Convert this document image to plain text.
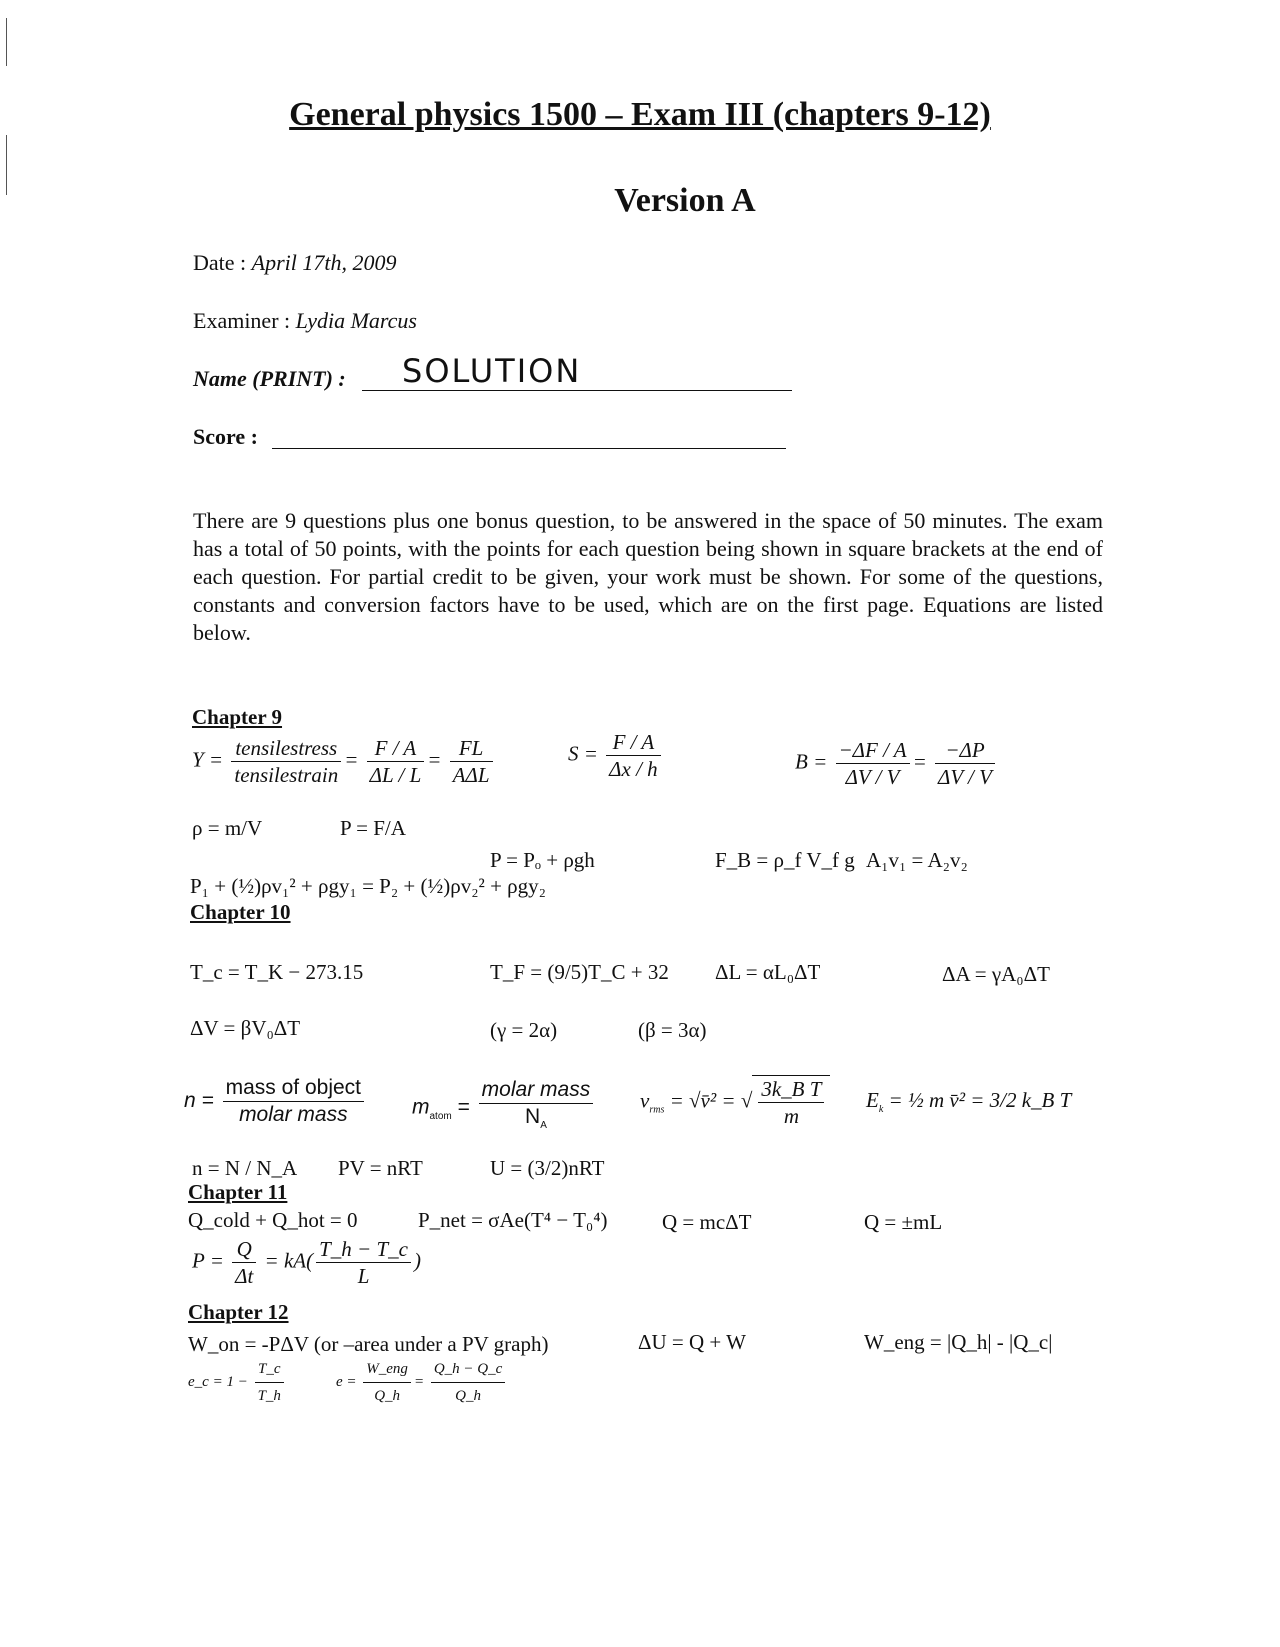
General physics 1500 – Exam III (chapters 9-12)
Version A
Date : April 17th, 2009
Examiner : Lydia Marcus
Name (PRINT) : SOLUTION
Score :
There are 9 questions plus one bonus question, to be answered in the space of 50 minutes. The exam has a total of 50 points, with the points for each question being shown in square brackets at the end of each question. For partial credit to be given, your work must be shown. For some of the questions, constants and conversion factors have to be used, which are on the first page. Equations are listed below.
Chapter 9
$Y = \frac{\text{tensilestress}}{\text{tensilestrain}} = \frac{F / A}{\Delta L / L} = \frac{FL}{\text{AΔL}}$	$S = \frac{F / A}{\Delta x / h}$	$B = \frac{-\Delta F / A}{\Delta V / V} = \frac{-\Delta P}{\Delta V / V}$
ρ = m/V	P = F/A
P = Pₒ + ρgh	F_B = ρ_f V_f g A₁v₁ = A₂v₂
P₁ + (½)ρv₁² + ρgy₁ = P₂ + (½)ρv₂² + ρgy₂
Chapter 10
T_c = T_K − 273.15	T_F = (9/5)T_C + 32 ΔL = αL₀ΔT	ΔA = γA₀ΔT
ΔV = βV₀ΔT	(γ = 2α)	(β = 3α)
$n = \frac{\text{mass of object}}{\text{molar mass}} m_{atom} = \frac{\text{molar mass}}{N_A} v_{rms}$ = √v̄² = √ $\frac{\text{3k\_B T}}{m} E_k$ = ½ m v̄² = 3/2 k_B T
n = N / N_A PV = nRT	U = (3/2)nRT
Chapter 11
Q_cold + Q_hot = 0	P_net = σAe(T⁴ − T₀⁴)	Q = mcΔT	Q = ±mL
$P = \frac{Q}{\Delta t} = kA( \frac{T\_h - T\_c}{L}$ )
Chapter 12
W_on = -PΔV (or –area under a PV graph)	ΔU = Q + W	W_eng = |Q_h| - |Q_c|
e_c = $1 - \frac{T\_c}{T\_h}$	$e = \frac{\text{W\_eng}}{Q\_h} = \frac{Q\_h - Q\_c}{Q\_h}$
